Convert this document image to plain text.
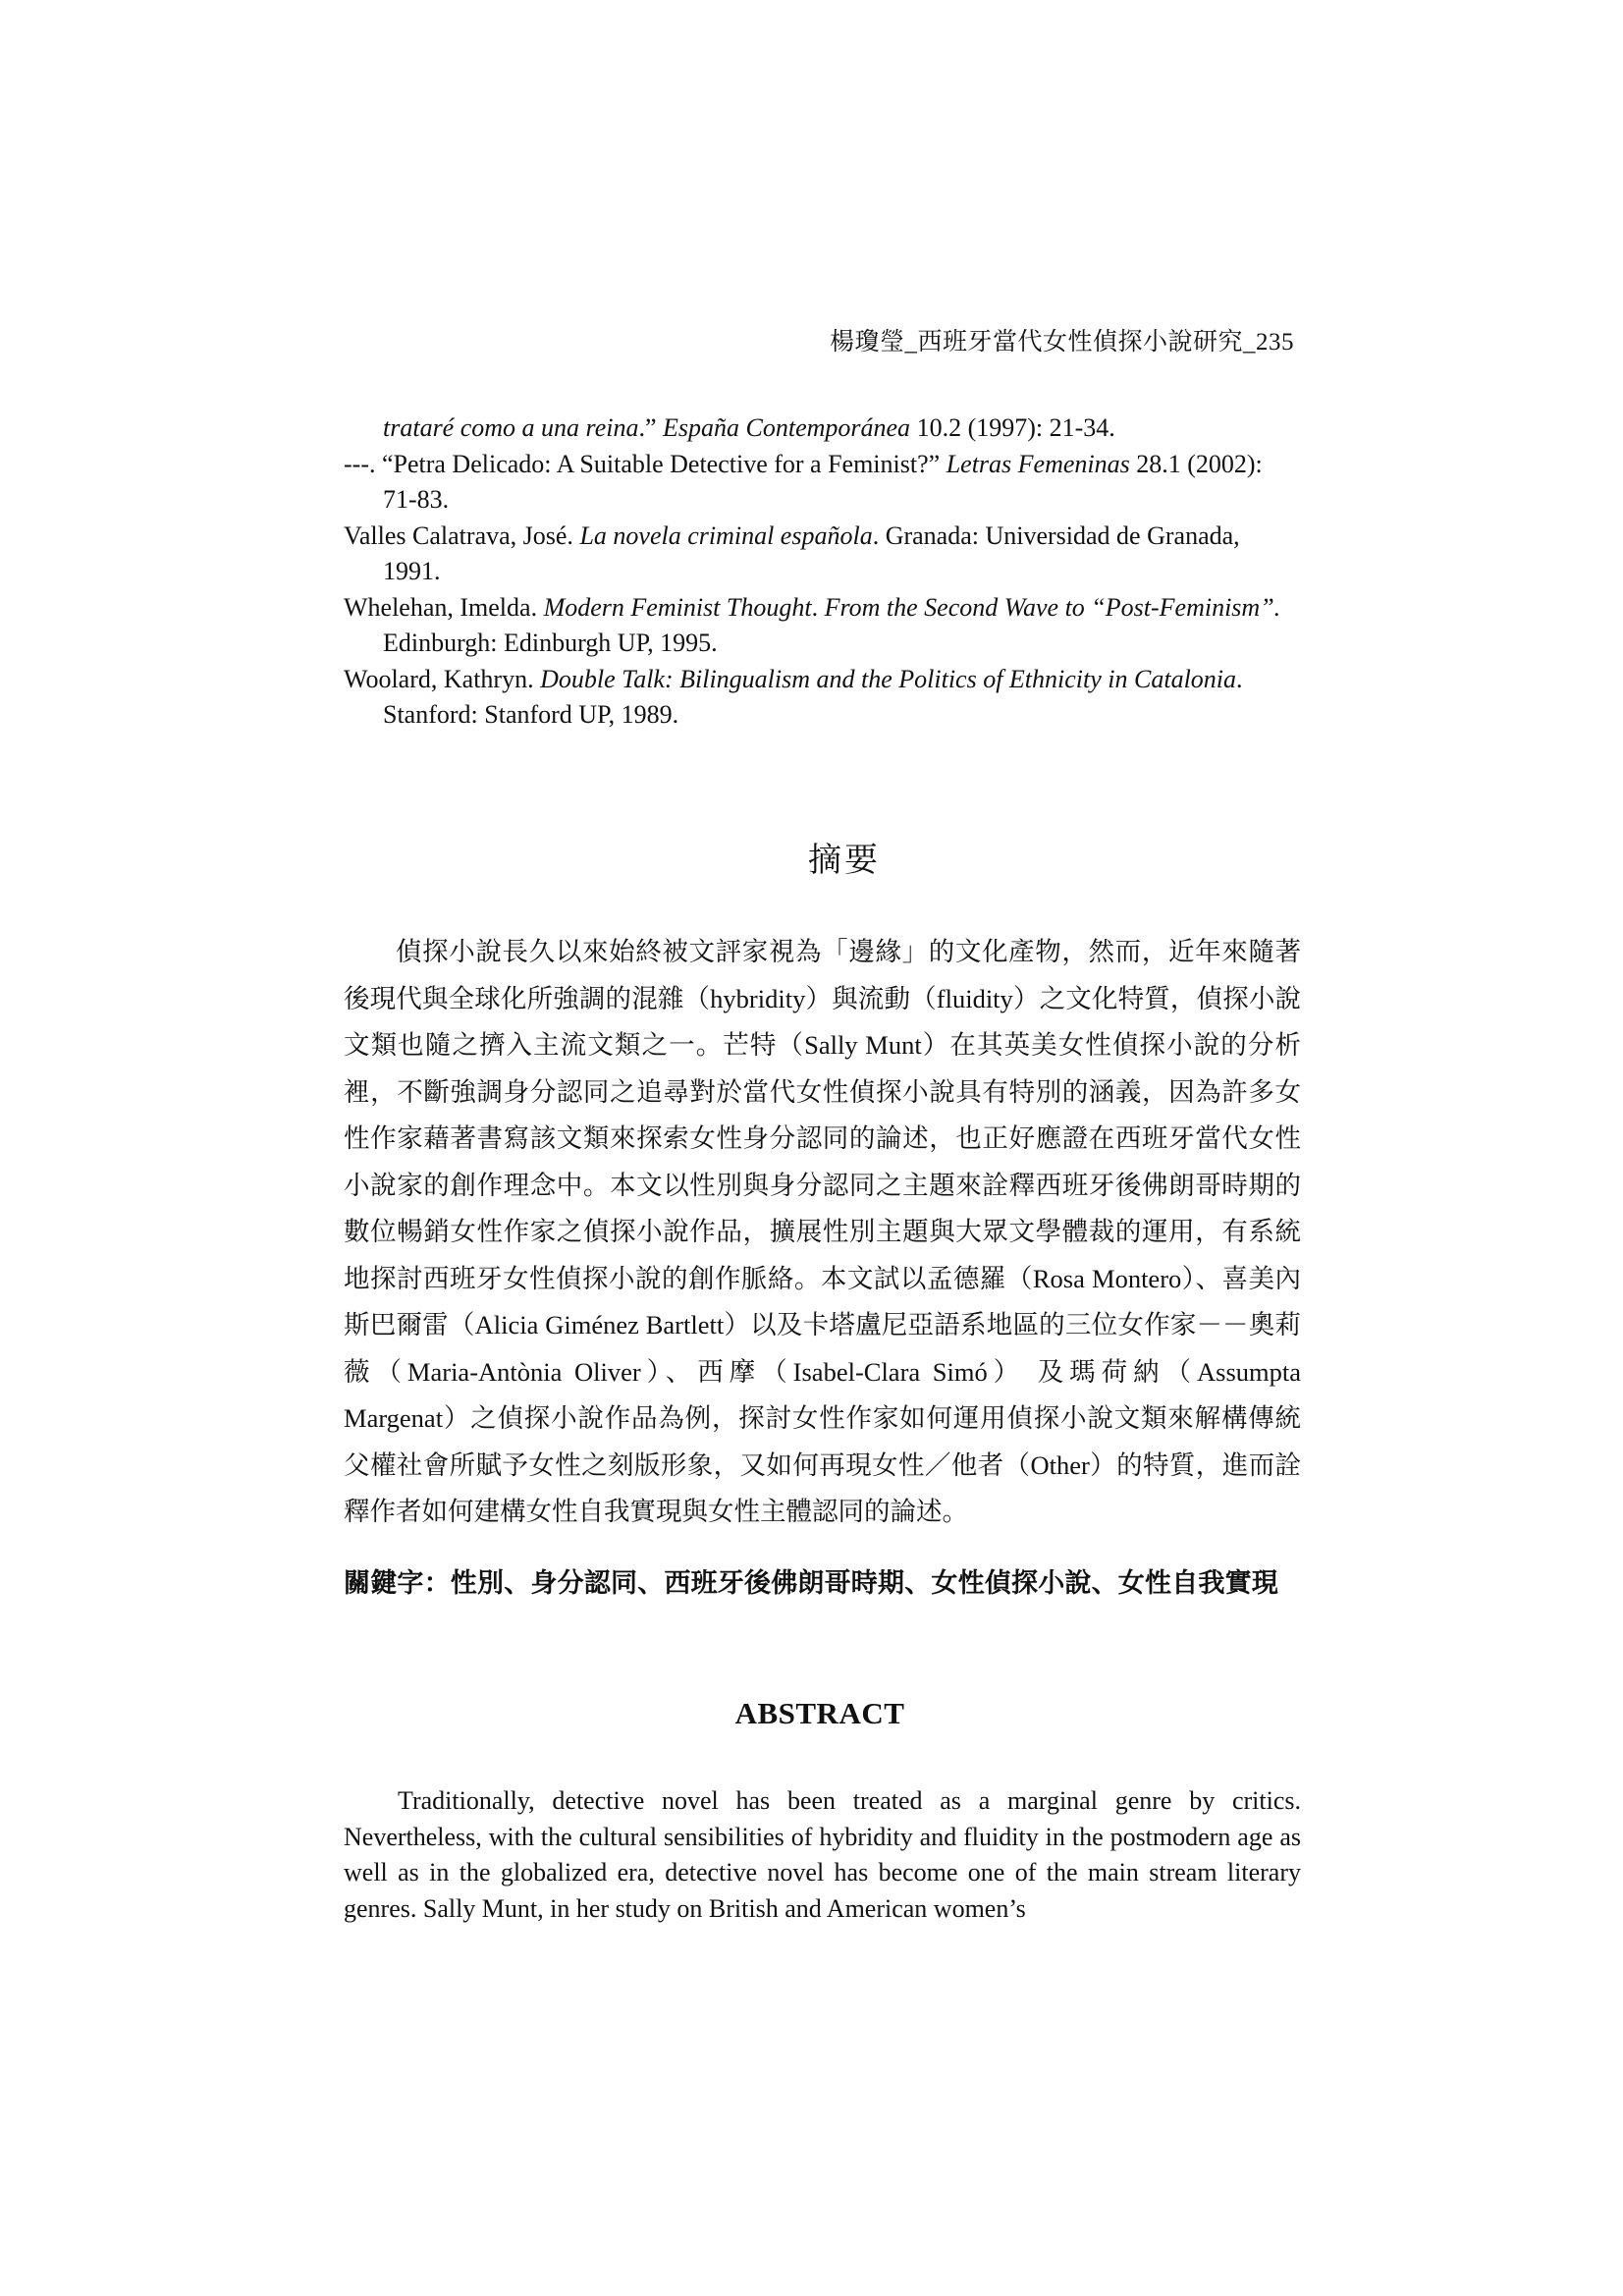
楊瓊瑩_西班牙當代女性偵探小說研究_235

trataré como a una reina.” España Contemporánea 10.2 (1997): 21-34.

---. “Petra Delicado: A Suitable Detective for a Feminist?” Letras Femeninas 28.1 (2002): 71-83.

Valles Calatrava, José. La novela criminal española. Granada: Universidad de Granada, 1991.

Whelehan, Imelda. Modern Feminist Thought. From the Second Wave to “Post-Feminism”. Edinburgh: Edinburgh UP, 1995.

Woolard, Kathryn. Double Talk: Bilingualism and the Politics of Ethnicity in Catalonia. Stanford: Stanford UP, 1989.

摘要

偵探小說長久以來始終被文評家視為「邊緣」的文化產物，然而，近年來隨著後現代與全球化所強調的混雜（hybridity）與流動（fluidity）之文化特質，偵探小說文類也隨之擠入主流文類之一。芒特（Sally Munt）在其英美女性偵探小說的分析裡，不斷強調身分認同之追尋對於當代女性偵探小說具有特別的涵義，因為許多女性作家藉著書寫該文類來探索女性身分認同的論述，也正好應證在西班牙當代女性小說家的創作理念中。本文以性別與身分認同之主題來詮釋西班牙後佛朗哥時期的數位暢銷女性作家之偵探小說作品，擴展性別主題與大眾文學體裁的運用，有系統地探討西班牙女性偵探小說的創作脈絡。本文試以孟德羅（Rosa Montero）、喜美內斯巴爾雷（Alicia Giménez Bartlett）以及卡塔盧尼亞語系地區的三位女作家－－奧莉薇（Maria-Antònia Oliver）、西摩（Isabel-Clara Simó） 及瑪荷納（Assumpta Margenat）之偵探小說作品為例，探討女性作家如何運用偵探小說文類來解構傳統父權社會所賦予女性之刻版形象，又如何再現女性／他者（Other）的特質，進而詮釋作者如何建構女性自我實現與女性主體認同的論述。

關鍵字：性別、身分認同、西班牙後佛朗哥時期、女性偵探小說、女性自我實現
ABSTRACT

Traditionally, detective novel has been treated as a marginal genre by critics. Nevertheless, with the cultural sensibilities of hybridity and fluidity in the postmodern age as well as in the globalized era, detective novel has become one of the main stream literary genres. Sally Munt, in her study on British and American women’s
